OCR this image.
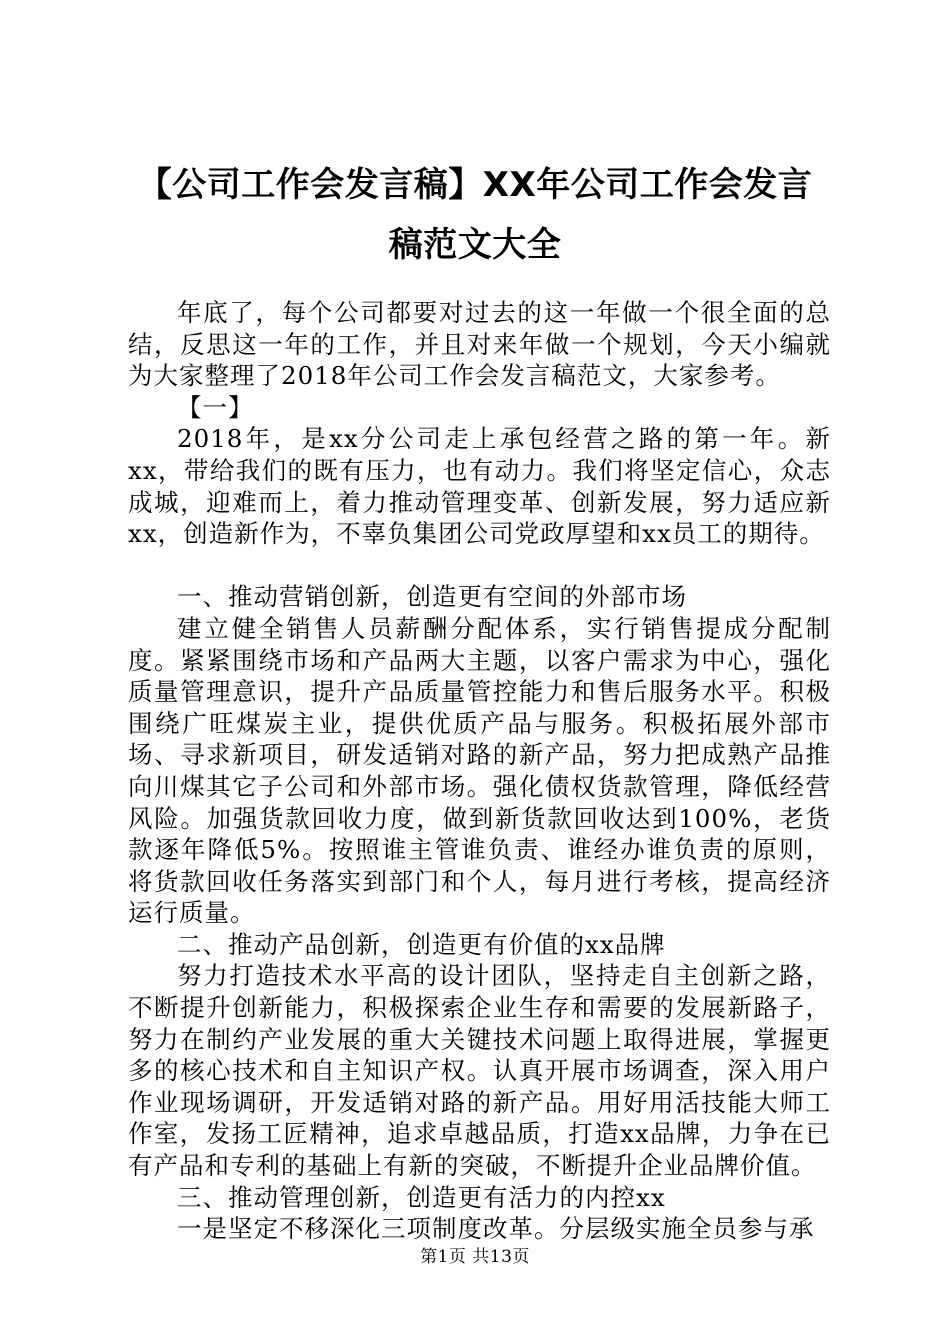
【公司工作会发言稿】XX年公司工作会发言
稿范文大全

年底了，每个公司都要对过去的这一年做一个很全面的总结，反思这一年的工作，并且对来年做一个规划，今天小编就为大家整理了2018年公司工作会发言稿范文，大家参考。

【一】

2018年，是xx分公司走上承包经营之路的第一年。新xx，带给我们的既有压力，也有动力。我们将坚定信心，众志成城，迎难而上，着力推动管理变革、创新发展，努力适应新xx，创造新作为，不辜负集团公司党政厚望和xx员工的期待。

一、推动营销创新，创造更有空间的外部市场

建立健全销售人员薪酬分配体系，实行销售提成分配制度。紧紧围绕市场和产品两大主题，以客户需求为中心，强化质量管理意识，提升产品质量管控能力和售后服务水平。积极围绕广旺煤炭主业，提供优质产品与服务。积极拓展外部市场、寻求新项目，研发适销对路的新产品，努力把成熟产品推向川煤其它子公司和外部市场。强化债权货款管理，降低经营风险。加强货款回收力度，做到新货款回收达到100%，老货款逐年降低5%。按照谁主管谁负责、谁经办谁负责的原则，将货款回收任务落实到部门和个人，每月进行考核，提高经济运行质量。

二、推动产品创新，创造更有价值的xx品牌

努力打造技术水平高的设计团队，坚持走自主创新之路，不断提升创新能力，积极探索企业生存和需要的发展新路子，努力在制约产业发展的重大关键技术问题上取得进展，掌握更多的核心技术和自主知识产权。认真开展市场调查，深入用户作业现场调研，开发适销对路的新产品。用好用活技能大师工作室，发扬工匠精神，追求卓越品质，打造xx品牌，力争在已有产品和专利的基础上有新的突破，不断提升企业品牌价值。

三、推动管理创新，创造更有活力的内控xx

一是坚定不移深化三项制度改革。分层级实施全员参与承

第1页 共13页
